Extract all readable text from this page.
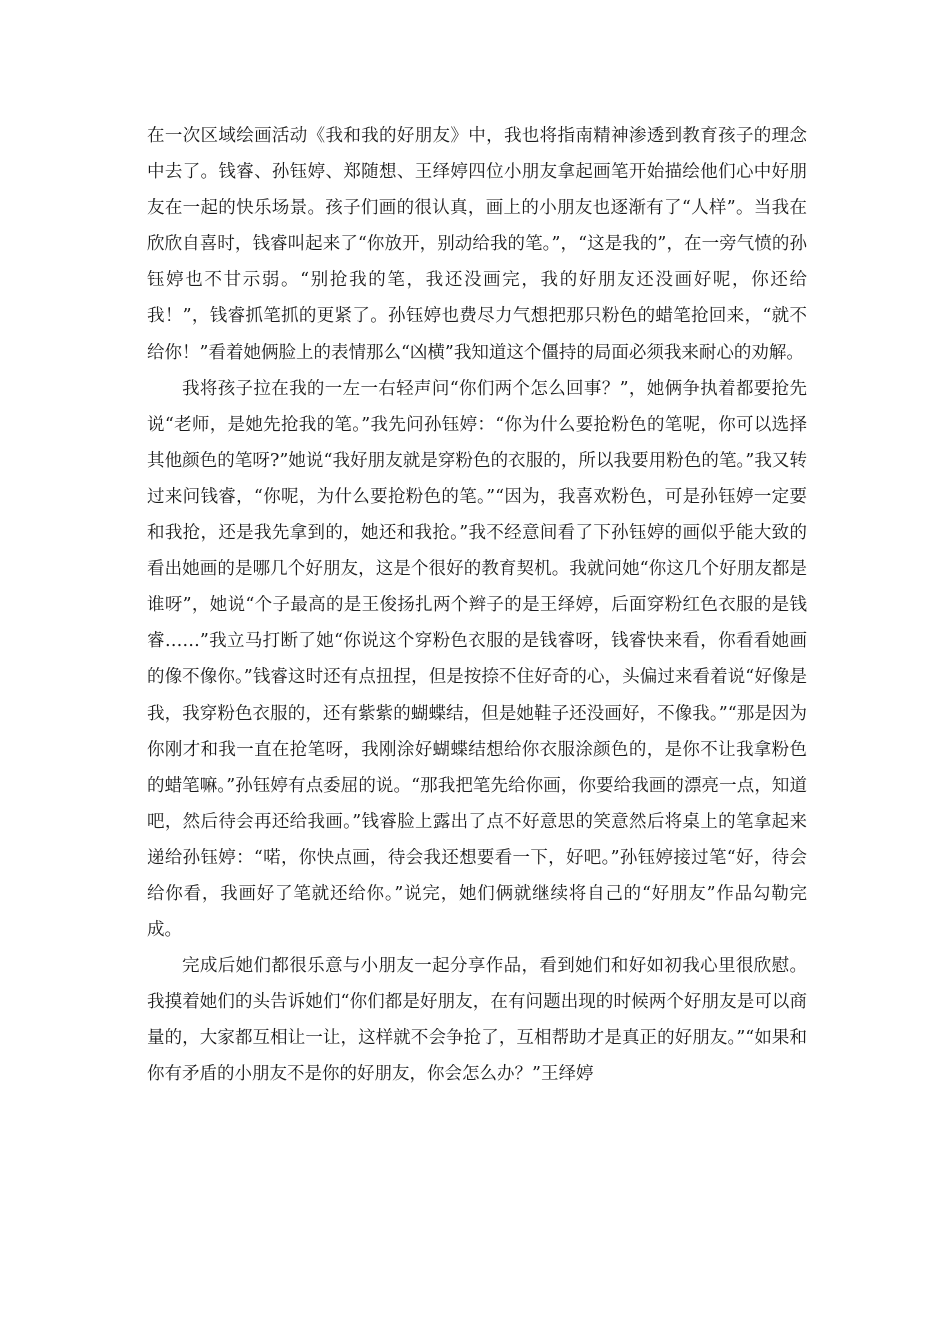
在一次区域绘画活动《我和我的好朋友》中，我也将指南精神渗透到教育孩子的理念中去了。钱睿、孙钰婷、郑随想、王绎婷四位小朋友拿起画笔开始描绘他们心中好朋友在一起的快乐场景。孩子们画的很认真，画上的小朋友也逐渐有了“人样”。当我在欣欣自喜时，钱睿叫起来了“你放开，别动给我的笔。”，“这是我的”，在一旁气愤的孙钰婷也不甘示弱。“别抢我的笔，我还没画完，我的好朋友还没画好呢，你还给我！”，钱睿抓笔抓的更紧了。孙钰婷也费尽力气想把那只粉色的蜡笔抢回来，“就不给你！”看着她俩脸上的表情那么“凶横”我知道这个僵持的局面必须我来耐心的劝解。

我将孩子拉在我的一左一右轻声问“你们两个怎么回事？”，她俩争执着都要抢先说“老师，是她先抢我的笔。”我先问孙钰婷：“你为什么要抢粉色的笔呢，你可以选择其他颜色的笔呀?”她说“我好朋友就是穿粉色的衣服的，所以我要用粉色的笔。”我又转过来问钱睿，“你呢，为什么要抢粉色的笔。”“因为，我喜欢粉色，可是孙钰婷一定要和我抢，还是我先拿到的，她还和我抢。”我不经意间看了下孙钰婷的画似乎能大致的看出她画的是哪几个好朋友，这是个很好的教育契机。我就问她“你这几个好朋友都是谁呀”，她说“个子最高的是王俊扬扎两个辫子的是王绎婷，后面穿粉红色衣服的是钱睿……”我立马打断了她“你说这个穿粉色衣服的是钱睿呀，钱睿快来看，你看看她画的像不像你。”钱睿这时还有点扭捏，但是按捺不住好奇的心，头偏过来看着说“好像是我，我穿粉色衣服的，还有紫紫的蝴蝶结，但是她鞋子还没画好，不像我。”“那是因为你刚才和我一直在抢笔呀，我刚涂好蝴蝶结想给你衣服涂颜色的，是你不让我拿粉色的蜡笔嘛。”孙钰婷有点委屈的说。“那我把笔先给你画，你要给我画的漂亮一点，知道吧，然后待会再还给我画。”钱睿脸上露出了点不好意思的笑意然后将桌上的笔拿起来递给孙钰婷：“喏，你快点画，待会我还想要看一下，好吧。”孙钰婷接过笔“好，待会给你看，我画好了笔就还给你。”说完，她们俩就继续将自己的“好朋友”作品勾勒完成。

完成后她们都很乐意与小朋友一起分享作品，看到她们和好如初我心里很欣慰。我摸着她们的头告诉她们“你们都是好朋友，在有问题出现的时候两个好朋友是可以商量的，大家都互相让一让，这样就不会争抢了，互相帮助才是真正的好朋友。”“如果和你有矛盾的小朋友不是你的好朋友，你会怎么办？”王绎婷
